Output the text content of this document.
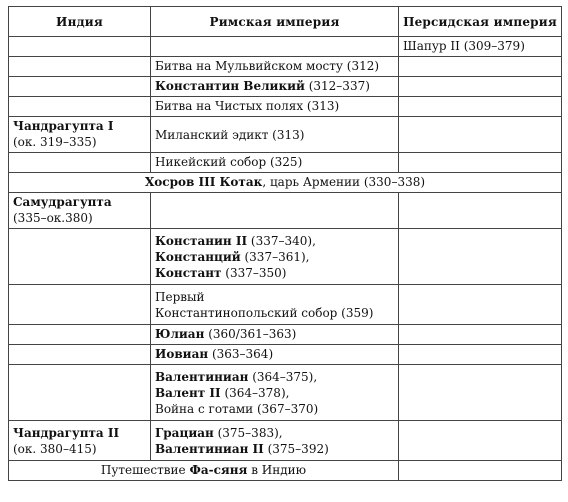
Индия	Римская империя	Персидская империя
		Шапур II (309–379)
	Битва на Мульвийском мосту (312)	
	Константин Великий (312–337)	
	Битва на Чистых полях (313)	

Чандрагупта I
(ок. 319–335)	Миланский эдикт (313)	
	Никейский собор (325)	
Хосров III Котак, царь Армении (330–338)		

Самудрагупта
(335–ок.380)		

	Констанин II (337–340),
Констанций (337–361),
Констант (337–350)	

	Первый
Константинопольский собор (359)	

	Юлиан (360/361–363)	
	Иовиан (363–364)	

	Валентиниан (364–375),
Валент II (364–378),
Война с готами (367–370)	

Чандрагупта II
(ок. 380–415)	Грациан (375–383),
Валентиниан II (375–392)	

Путешествие Фа-сяня в Индию		
